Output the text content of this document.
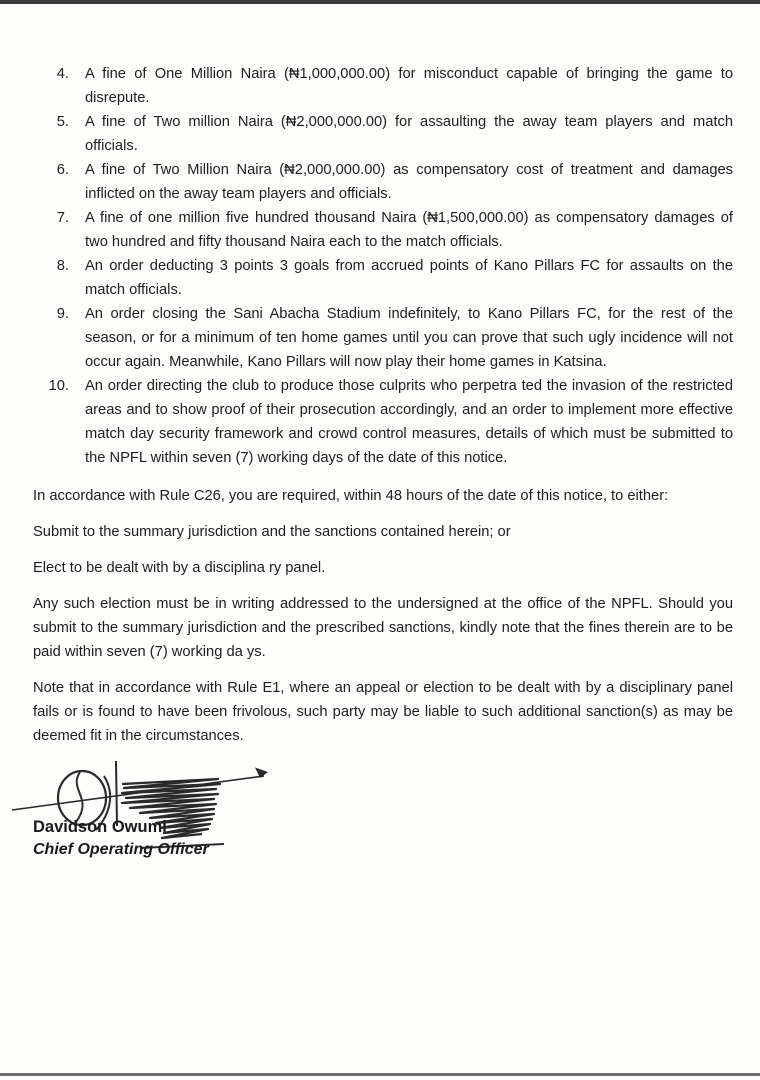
4. A fine of One Million Naira (₦1,000,000.00) for misconduct capable of bringing the game to disrepute.
5. A fine of Two million Naira (₦2,000,000.00) for assaulting the away team players and match officials.
6. A fine of Two Million Naira (₦2,000,000.00) as compensatory cost of treatment and damages inflicted on the away team players and officials.
7. A fine of one million five hundred thousand Naira (₦1,500,000.00) as compensatory damages of two hundred and fifty thousand Naira each to the match officials.
8. An order deducting 3 points 3 goals from accrued points of Kano Pillars FC for assaults on the match officials.
9. An order closing the Sani Abacha Stadium indefinitely, to Kano Pillars FC, for the rest of the season, or for a minimum of ten home games until you can prove that such ugly incidence will not occur again. Meanwhile, Kano Pillars will now play their home games in Katsina.
10. An order directing the club to produce those culprits who perpetra ted the invasion of the restricted areas and to show proof of their prosecution accordingly, and an order to implement more effective match day security framework and crowd control measures, details of which must be submitted to the NPFL within seven (7) working days of the date of this notice.

In accordance with Rule C26, you are required, within 48 hours of the date of this notice, to either:

Submit to the summary jurisdiction and the sanctions contained herein; or

Elect to be dealt with by a disciplina ry panel.

Any such election must be in writing addressed to the undersigned at the office of the NPFL. Should you submit to the summary jurisdiction and the prescribed sanctions, kindly note that the fines therein are to be paid within seven (7) working da ys.

Note that in accordance with Rule E1, where an appeal or election to be dealt with by a disciplinary panel fails or is found to have been frivolous, such party may be liable to such additional sanction(s) as may be deemed fit in the circumstances.

Davidson Owumi
Chief Operating Officer
